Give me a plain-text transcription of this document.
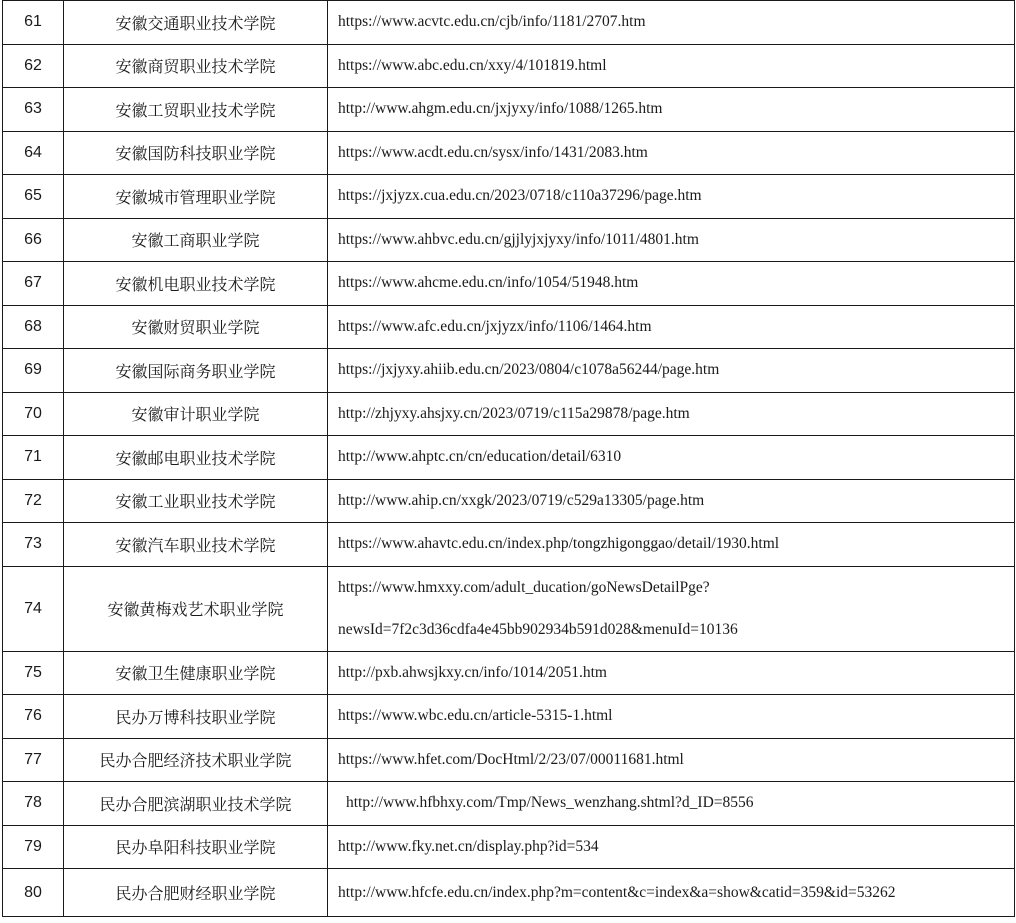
61	安徽交通职业技术学院	https://www.acvtc.edu.cn/cjb/info/1181/2707.htm

62	安徽商贸职业技术学院	https://www.abc.edu.cn/xxy/4/101819.html

63	安徽工贸职业技术学院	http://www.ahgm.edu.cn/jxjyxy/info/1088/1265.htm

64	安徽国防科技职业学院	https://www.acdt.edu.cn/sysx/info/1431/2083.htm

65	安徽城市管理职业学院	https://jxjyzx.cua.edu.cn/2023/0718/c110a37296/page.htm

66	安徽工商职业学院	https://www.ahbvc.edu.cn/gjjlyjxjyxy/info/1011/4801.htm

67	安徽机电职业技术学院	https://www.ahcme.edu.cn/info/1054/51948.htm

68	安徽财贸职业学院	https://www.afc.edu.cn/jxjyzx/info/1106/1464.htm

69	安徽国际商务职业学院	https://jxjyxy.ahiib.edu.cn/2023/0804/c1078a56244/page.htm

70	安徽审计职业学院	http://zhjyxy.ahsjxy.cn/2023/0719/c115a29878/page.htm

71	安徽邮电职业技术学院	http://www.ahptc.cn/cn/education/detail/6310

72	安徽工业职业技术学院	http://www.ahip.cn/xxgk/2023/0719/c529a13305/page.htm

73	安徽汽车职业技术学院	https://www.ahavtc.edu.cn/index.php/tongzhigonggao/detail/1930.html

74	安徽黄梅戏艺术职业学院	https://www.hmxxy.com/adult_ducation/goNewsDetailPge?
newsId=7f2c3d36cdfa4e45bb902934b591d028&menuId=10136

75	安徽卫生健康职业学院	http://pxb.ahwsjkxy.cn/info/1014/2051.htm

76	民办万博科技职业学院	https://www.wbc.edu.cn/article-5315-1.html

77	民办合肥经济技术职业学院	https://www.hfet.com/DocHtml/2/23/07/00011681.html

78	民办合肥滨湖职业技术学院	http://www.hfbhxy.com/Tmp/News_wenzhang.shtml?d_ID=8556

79	民办阜阳科技职业学院	http://www.fky.net.cn/display.php?id=534

80	民办合肥财经职业学院	http://www.hfcfe.edu.cn/index.php?m=content&c=index&a=show&catid=359&id=53262
